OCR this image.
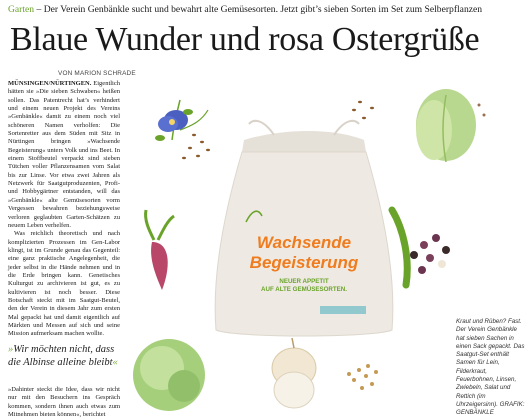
Garten – Der Verein Genbänkle sucht und bewahrt alte Gemüsesorten. Jetzt gibt’s sieben Sorten im Set zum Selberpflanzen
Blaue Wunder und rosa Ostergrüße
VON MARION SCHRADE

MÜNSINGEN/NÜRTINGEN. Eigentlich hätten sie »Die sieben Schwaben« heißen sollen. Das Patentrecht hat’s verhindert und einem neuen Projekt des Vereins »Genbänkle« damit zu einem noch viel schöneren Namen verholfen: Die Sortenretter aus dem Süden mit Sitz in Nürtingen bringen »Wachsende Begeisterung« unters Volk und ins Beet. In einem Stoffbeutel verpackt sind sieben Tütchen voller Pflanzensamen vom Salat bis zur Linse. Vor etwa zwei Jahren als Netzwerk für Saatgutproduzenten, Profi- und Hobbygärtner entstanden, will das »Genbänkle« alte Gemüsesorten vorm Vergessen bewahren beziehungsweise verloren geglaubten Garten-Schätzen zu neuem Leben verhelfen.

Was reichlich theoretisch und nach komplizierten Prozessen im Gen-Labor klingt, ist im Grunde genau das Gegenteil: eine ganz praktische Angelegenheit, die jeder selbst in die Hände nehmen und in die Erde bringen kann. Genetisches Kulturgut zu archivieren ist gut, es zu kultivieren ist noch besser. Diese Botschaft steckt mit im Saatgut-Beutel, den der Verein in diesem Jahr zum ersten Mal gepackt hat und damit eigentlich auf Märkten und Messen auf sich und seine Mission aufmerksam machen wollte.

»Wir möchten nicht, dass die Albinse alleine bleibt«

»Dahinter steckt die Idee, dass wir nicht nur mit den Besuchern ins Gespräch kommen, sondern ihnen auch etwas zum Mitnehmen bieten können«, berichtet

Wachsende
Begeisterung
NEUER APPETIT
AUF ALTE GEMÜSESORTEN.
Kraut und Rüben? Fast. Der Verein Genbänkle hat sieben Sachen in einen Sack gepackt. Das Saatgut-Set enthält Samen für Lein, Filderkraut, Feuerbohnen, Linsen, Zwiebeln, Salat und Rettich (im Uhrzeigersinn). GRAFIK: GENBÄNKLE
